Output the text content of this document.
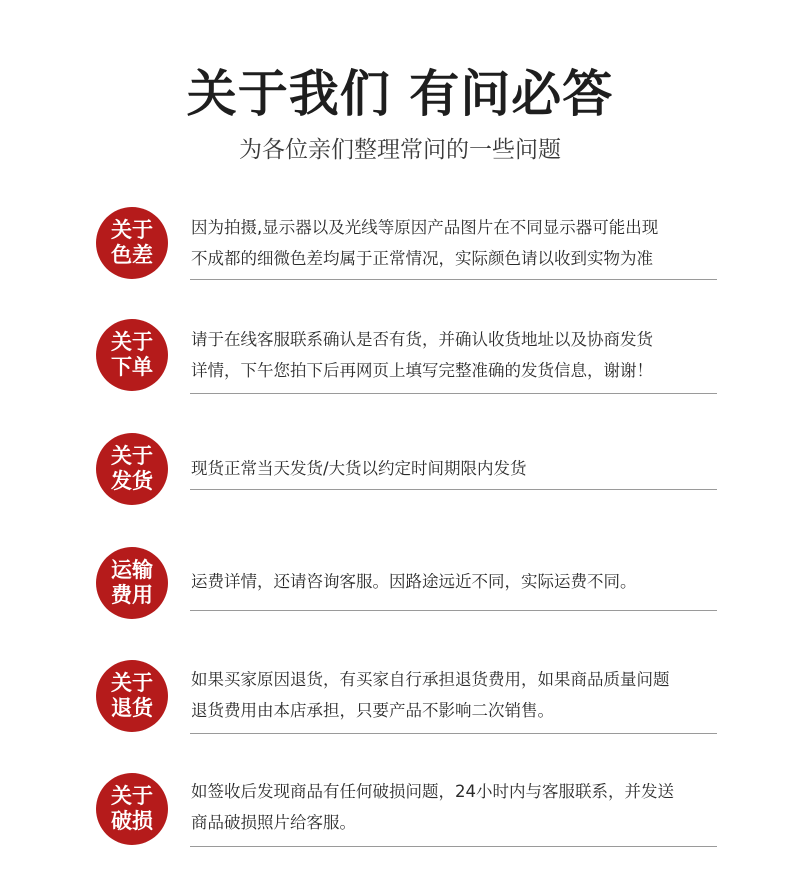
关于我们 有问必答
为各位亲们整理常问的一些问题
关于
色差
因为拍摄,显示器以及光线等原因产品图片在不同显示器可能出现
不成都的细微色差均属于正常情况，实际颜色请以收到实物为准
关于
下单
请于在线客服联系确认是否有货，并确认收货地址以及协商发货
详情，下午您拍下后再网页上填写完整准确的发货信息，谢谢！
关于
发货
现货正常当天发货/大货以约定时间期限内发货
运输
费用
运费详情，还请咨询客服。因路途远近不同，实际运费不同。
关于
退货
如果买家原因退货，有买家自行承担退货费用，如果商品质量问题
退货费用由本店承担，只要产品不影响二次销售。
关于
破损
如签收后发现商品有任何破损问题，24小时内与客服联系，并发送
商品破损照片给客服。
